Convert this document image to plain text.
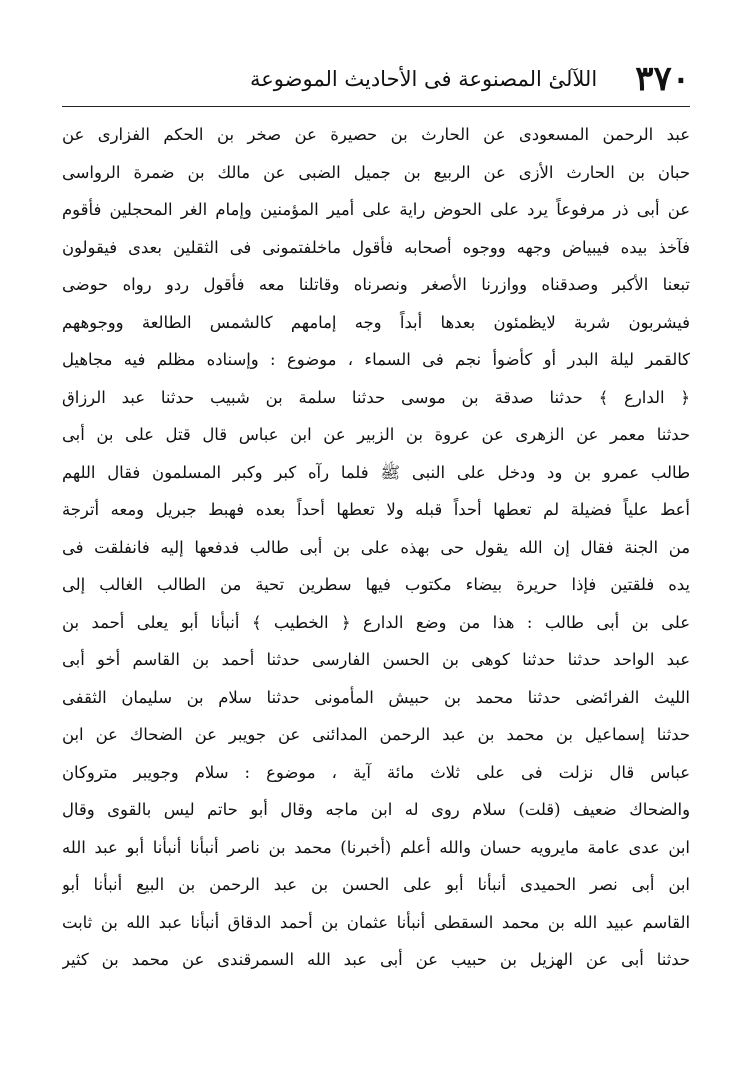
٣٧٠
اللآلئ المصنوعة فى الأحاديث الموضوعة
عبد الرحمن المسعودى عن الحارث بن حصيرة عن صخر بن الحكم الفزارى عن
حبان بن الحارث الأزى عن الربيع بن جميل الضبى عن مالك بن ضمرة الرواسى
عن أبى ذر مرفوعاً يرد على الحوض راية على أمير المؤمنين وإمام الغر المحجلين فأقوم
فآخذ بيده فيبياض وجهه ووجوه أصحابه فأقول ماخلفتمونى فى الثقلين بعدى فيقولون
تبعنا الأكبر وصدقناه ووازرنا الأصغر ونصرناه وقاتلنا معه فأقول ردو رواه حوضى
فيشربون شربة لايظمئون بعدها أبداً وجه إمامهم كالشمس الطالعة ووجوههم
كالقمر ليلة البدر أو كأضوأ نجم فى السماء ، موضوع : وإسناده مظلم فيه مجاهيل
﴿ الدارع ﴾ حدثنا صدقة بن موسى حدثنا سلمة بن شبيب حدثنا عبد الرزاق
حدثنا معمر عن الزهرى عن عروة بن الزبير عن ابن عباس قال قتل على بن أبى
طالب عمرو بن ود ودخل على النبى ﷺ فلما رآه كبر وكبر المسلمون فقال اللهم
أعط علياً فضيلة لم تعطها أحداً قبله ولا تعطها أحداً بعده فهبط جبريل ومعه أترجة
من الجنة فقال إن الله يقول حى بهذه على بن أبى طالب فدفعها إليه فانفلقت فى
يده فلقتين فإذا حريرة بيضاء مكتوب فيها سطرين تحية من الطالب الغالب إلى
على بن أبى طالب : هذا من وضع الدارع ﴿ الخطيب ﴾ أنبأنا أبو يعلى أحمد بن
عبد الواحد حدثنا حدثنا كوهى بن الحسن الفارسى حدثنا أحمد بن القاسم أخو أبى
الليث الفرائضى حدثنا محمد بن حبيش المأمونى حدثنا سلام بن سليمان الثقفى
حدثنا إسماعيل بن محمد بن عبد الرحمن المدائنى عن جويبر عن الضحاك عن ابن
عباس قال نزلت فى على ثلاث مائة آية ، موضوع : سلام وجويبر متروكان
والضحاك ضعيف (قلت) سلام روى له ابن ماجه وقال أبو حاتم ليس بالقوى وقال
ابن عدى عامة مايرويه حسان والله أعلم (أخبرنا) محمد بن ناصر أنبأنا أنبأنا أبو عبد الله
ابن أبى نصر الحميدى أنبأنا أبو على الحسن بن عبد الرحمن بن البيع أنبأنا أبو
القاسم عبيد الله بن محمد السقطى أنبأنا عثمان بن أحمد الدقاق أنبأنا عبد الله بن ثابت
حدثنا أبى عن الهزيل بن حبيب عن أبى عبد الله السمرقندى عن محمد بن كثير
